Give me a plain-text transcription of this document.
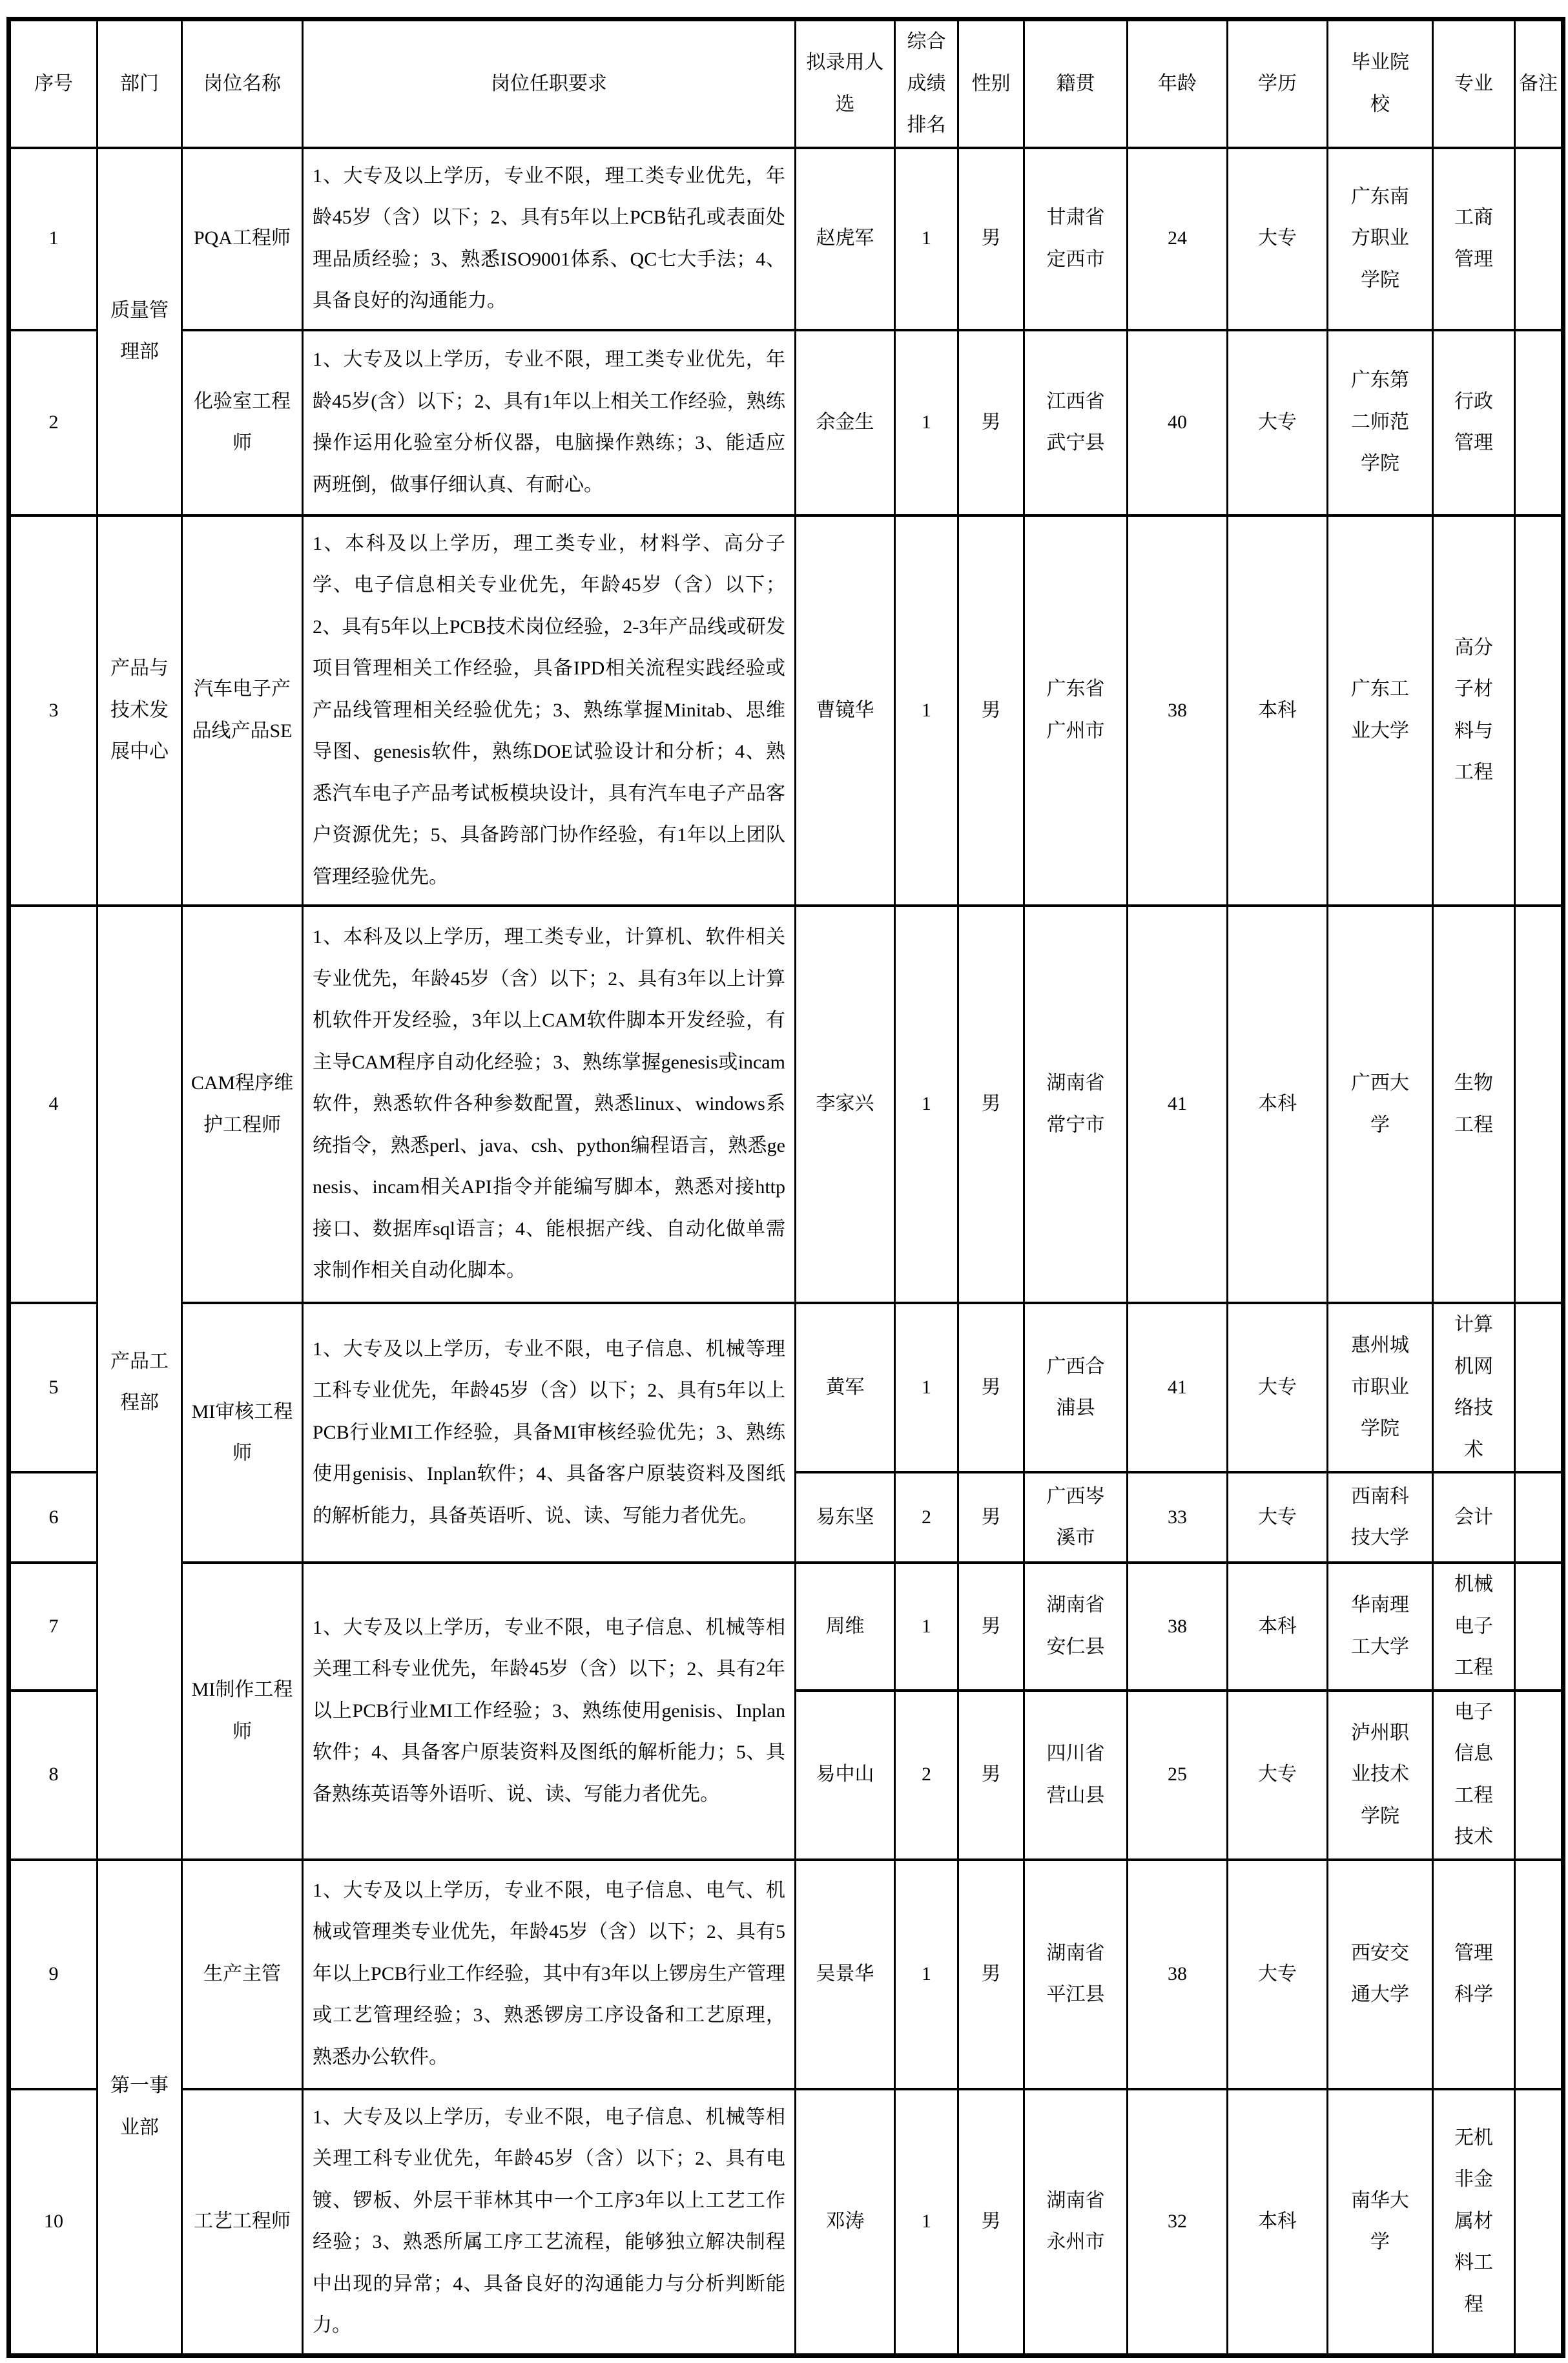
序号	部门	岗位名称	岗位任职要求	拟录用人选	综合成绩排名	性别	籍贯	年龄	学历	毕业院校	专业	备注
1	质量管理部	PQA工程师	1、大专及以上学历，专业不限，理工类专业优先，年龄45岁（含）以下；2、具有5年以上PCB钻孔或表面处理品质经验；3、熟悉ISO9001体系、QC七大手法；4、具备良好的沟通能力。	赵虎军	1	男	甘肃省定西市	24	大专	广东南方职业学院	工商管理	
2		化验室工程师	1、大专及以上学历，专业不限，理工类专业优先，年龄45岁(含）以下；2、具有1年以上相关工作经验，熟练操作运用化验室分析仪器，电脑操作熟练；3、能适应两班倒，做事仔细认真、有耐心。	余金生	1	男	江西省武宁县	40	大专	广东第二师范学院	行政管理	
3	产品与技术发展中心	汽车电子产品线产品SE	1、本科及以上学历，理工类专业，材料学、高分子学、电子信息相关专业优先，年龄45岁（含）以下；2、具有5年以上PCB技术岗位经验，2-3年产品线或研发项目管理相关工作经验，具备IPD相关流程实践经验或产品线管理相关经验优先；3、熟练掌握Minitab、思维导图、genesis软件，熟练DOE试验设计和分析；4、熟悉汽车电子产品考试板模块设计，具有汽车电子产品客户资源优先；5、具备跨部门协作经验，有1年以上团队管理经验优先。	曹镜华	1	男	广东省广州市	38	本科	广东工业大学	高分子材料与工程	
4	产品工程部	CAM程序维护工程师	1、本科及以上学历，理工类专业，计算机、软件相关专业优先，年龄45岁（含）以下；2、具有3年以上计算机软件开发经验，3年以上CAM软件脚本开发经验，有主导CAM程序自动化经验；3、熟练掌握genesis或incam软件，熟悉软件各种参数配置，熟悉linux、windows系统指令，熟悉perl、java、csh、python编程语言，熟悉genesis、incam相关API指令并能编写脚本，熟悉对接http接口、数据库sql语言；4、能根据产线、自动化做单需求制作相关自动化脚本。	李家兴	1	男	湖南省常宁市	41	本科	广西大学	生物工程	
5		MI审核工程师	1、大专及以上学历，专业不限，电子信息、机械等理工科专业优先，年龄45岁（含）以下；2、具有5年以上PCB行业MI工作经验，具备MI审核经验优先；3、熟练使用genisis、Inplan软件；4、具备客户原装资料及图纸的解析能力，具备英语听、说、读、写能力者优先。	黄军	1	男	广西合浦县	41	大专	惠州城市职业学院	计算机网络技术	
6				易东坚	2	男	广西岑溪市	33	大专	西南科技大学	会计	
7		MI制作工程师	1、大专及以上学历，专业不限，电子信息、机械等相关理工科专业优先，年龄45岁（含）以下；2、具有2年以上PCB行业MI工作经验；3、熟练使用genisis、Inplan软件；4、具备客户原装资料及图纸的解析能力；5、具备熟练英语等外语听、说、读、写能力者优先。	周维	1	男	湖南省安仁县	38	本科	华南理工大学	机械电子工程	
8				易中山	2	男	四川省营山县	25	大专	泸州职业技术学院	电子信息工程技术	
9	第一事业部	生产主管	1、大专及以上学历，专业不限，电子信息、电气、机械或管理类专业优先，年龄45岁（含）以下；2、具有5年以上PCB行业工作经验，其中有3年以上锣房生产管理或工艺管理经验；3、熟悉锣房工序设备和工艺原理，熟悉办公软件。	吴景华	1	男	湖南省平江县	38	大专	西安交通大学	管理科学	
10		工艺工程师	1、大专及以上学历，专业不限，电子信息、机械等相关理工科专业优先，年龄45岁（含）以下；2、具有电镀、锣板、外层干菲林其中一个工序3年以上工艺工作经验；3、熟悉所属工序工艺流程，能够独立解决制程中出现的异常；4、具备良好的沟通能力与分析判断能力。	邓涛	1	男	湖南省永州市	32	本科	南华大学	无机非金属材料工程	
